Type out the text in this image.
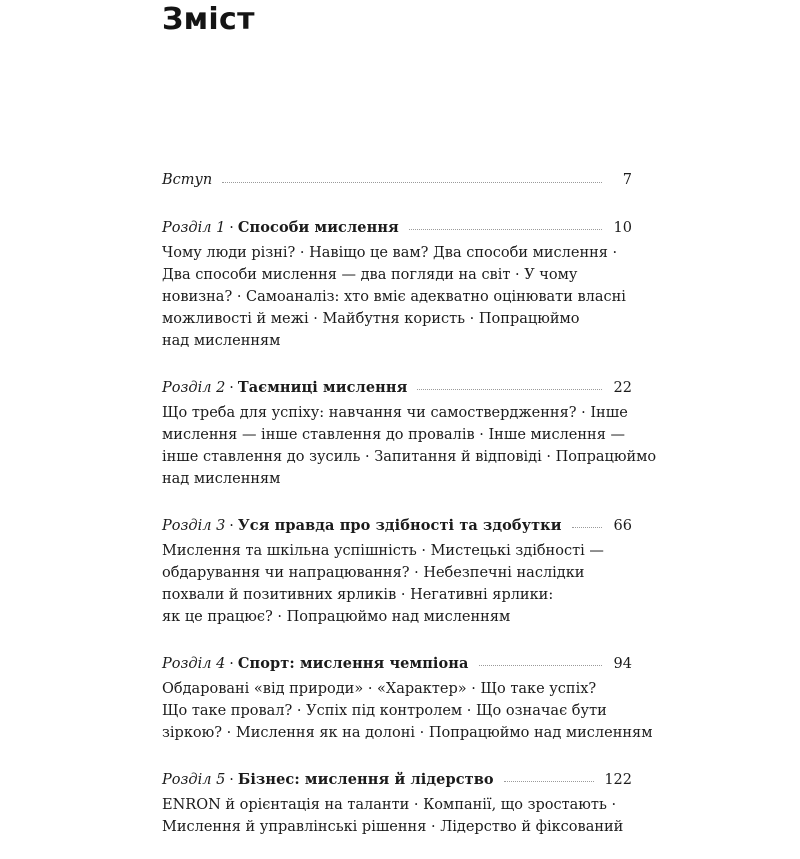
Зміст
Вступ	7
Розділ 1 · Способи мислення	10

Чому люди різні? · Навіщо це вам? Два способи мислення ·
Два способи мислення — два погляди на світ · У чому
новизна? · Самоаналіз: хто вміє адекватно оцінювати власні
можливості й межі · Майбутня користь · Попрацюймо
над мисленням

Розділ 2 · Таємниці мислення	22

Що треба для успіху: навчання чи самоствердження? · Інше
мислення — інше ставлення до провалів · Інше мислення —
інше ставлення до зусиль · Запитання й відповіді · Попрацюймо
над мисленням

Розділ 3 · Уся правда про здібності та здобутки	66

Мислення та шкільна успішність · Мистецькі здібності —
обдарування чи напрацювання? · Небезпечні наслідки
похвали й позитивних ярликів · Негативні ярлики:
як це працює? · Попрацюймо над мисленням

Розділ 4 · Спорт: мислення чемпіона	94

Обдаровані «від природи» · «Характер» · Що таке успіх?
Що таке провал? · Успіх під контролем · Що означає бути
зіркою? · Мислення як на долоні · Попрацюймо над мисленням

Розділ 5 · Бізнес: мислення й лідерство	122

ENRON й орієнтація на таланти · Компанії, що зростають ·
Мислення й управлінські рішення · Лідерство й фіксований
